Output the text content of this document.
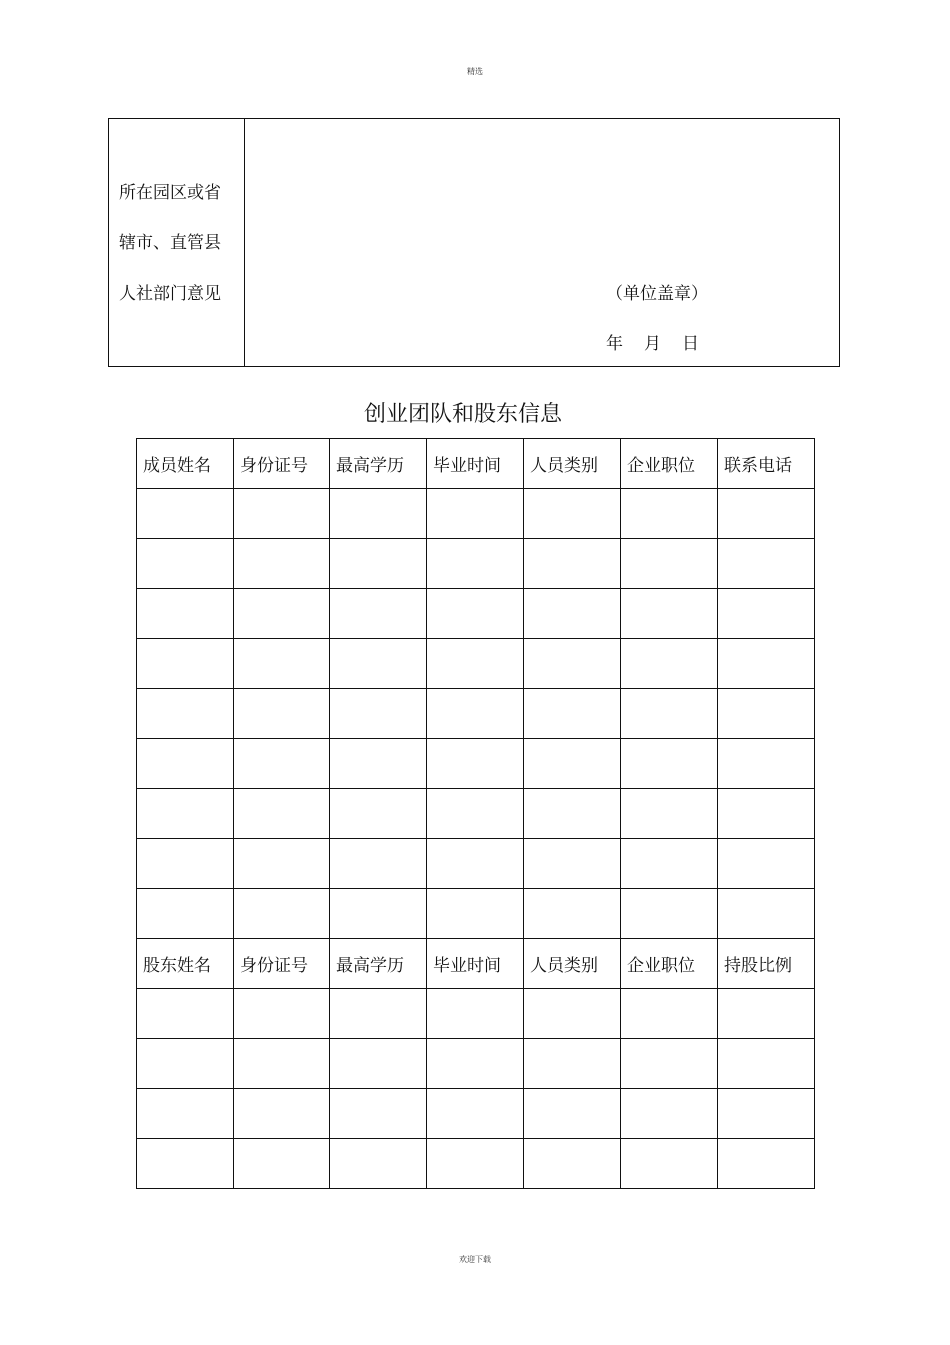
精选
所在园区或省
辖市、直管县
人社部门意见	（单位盖章）
年 月 日
创业团队和股东信息
成员姓名	身份证号	最高学历	毕业时间	人员类别	企业职位	联系电话

股东姓名	身份证号	最高学历	毕业时间	人员类别	企业职位	持股比例

欢迎下载
